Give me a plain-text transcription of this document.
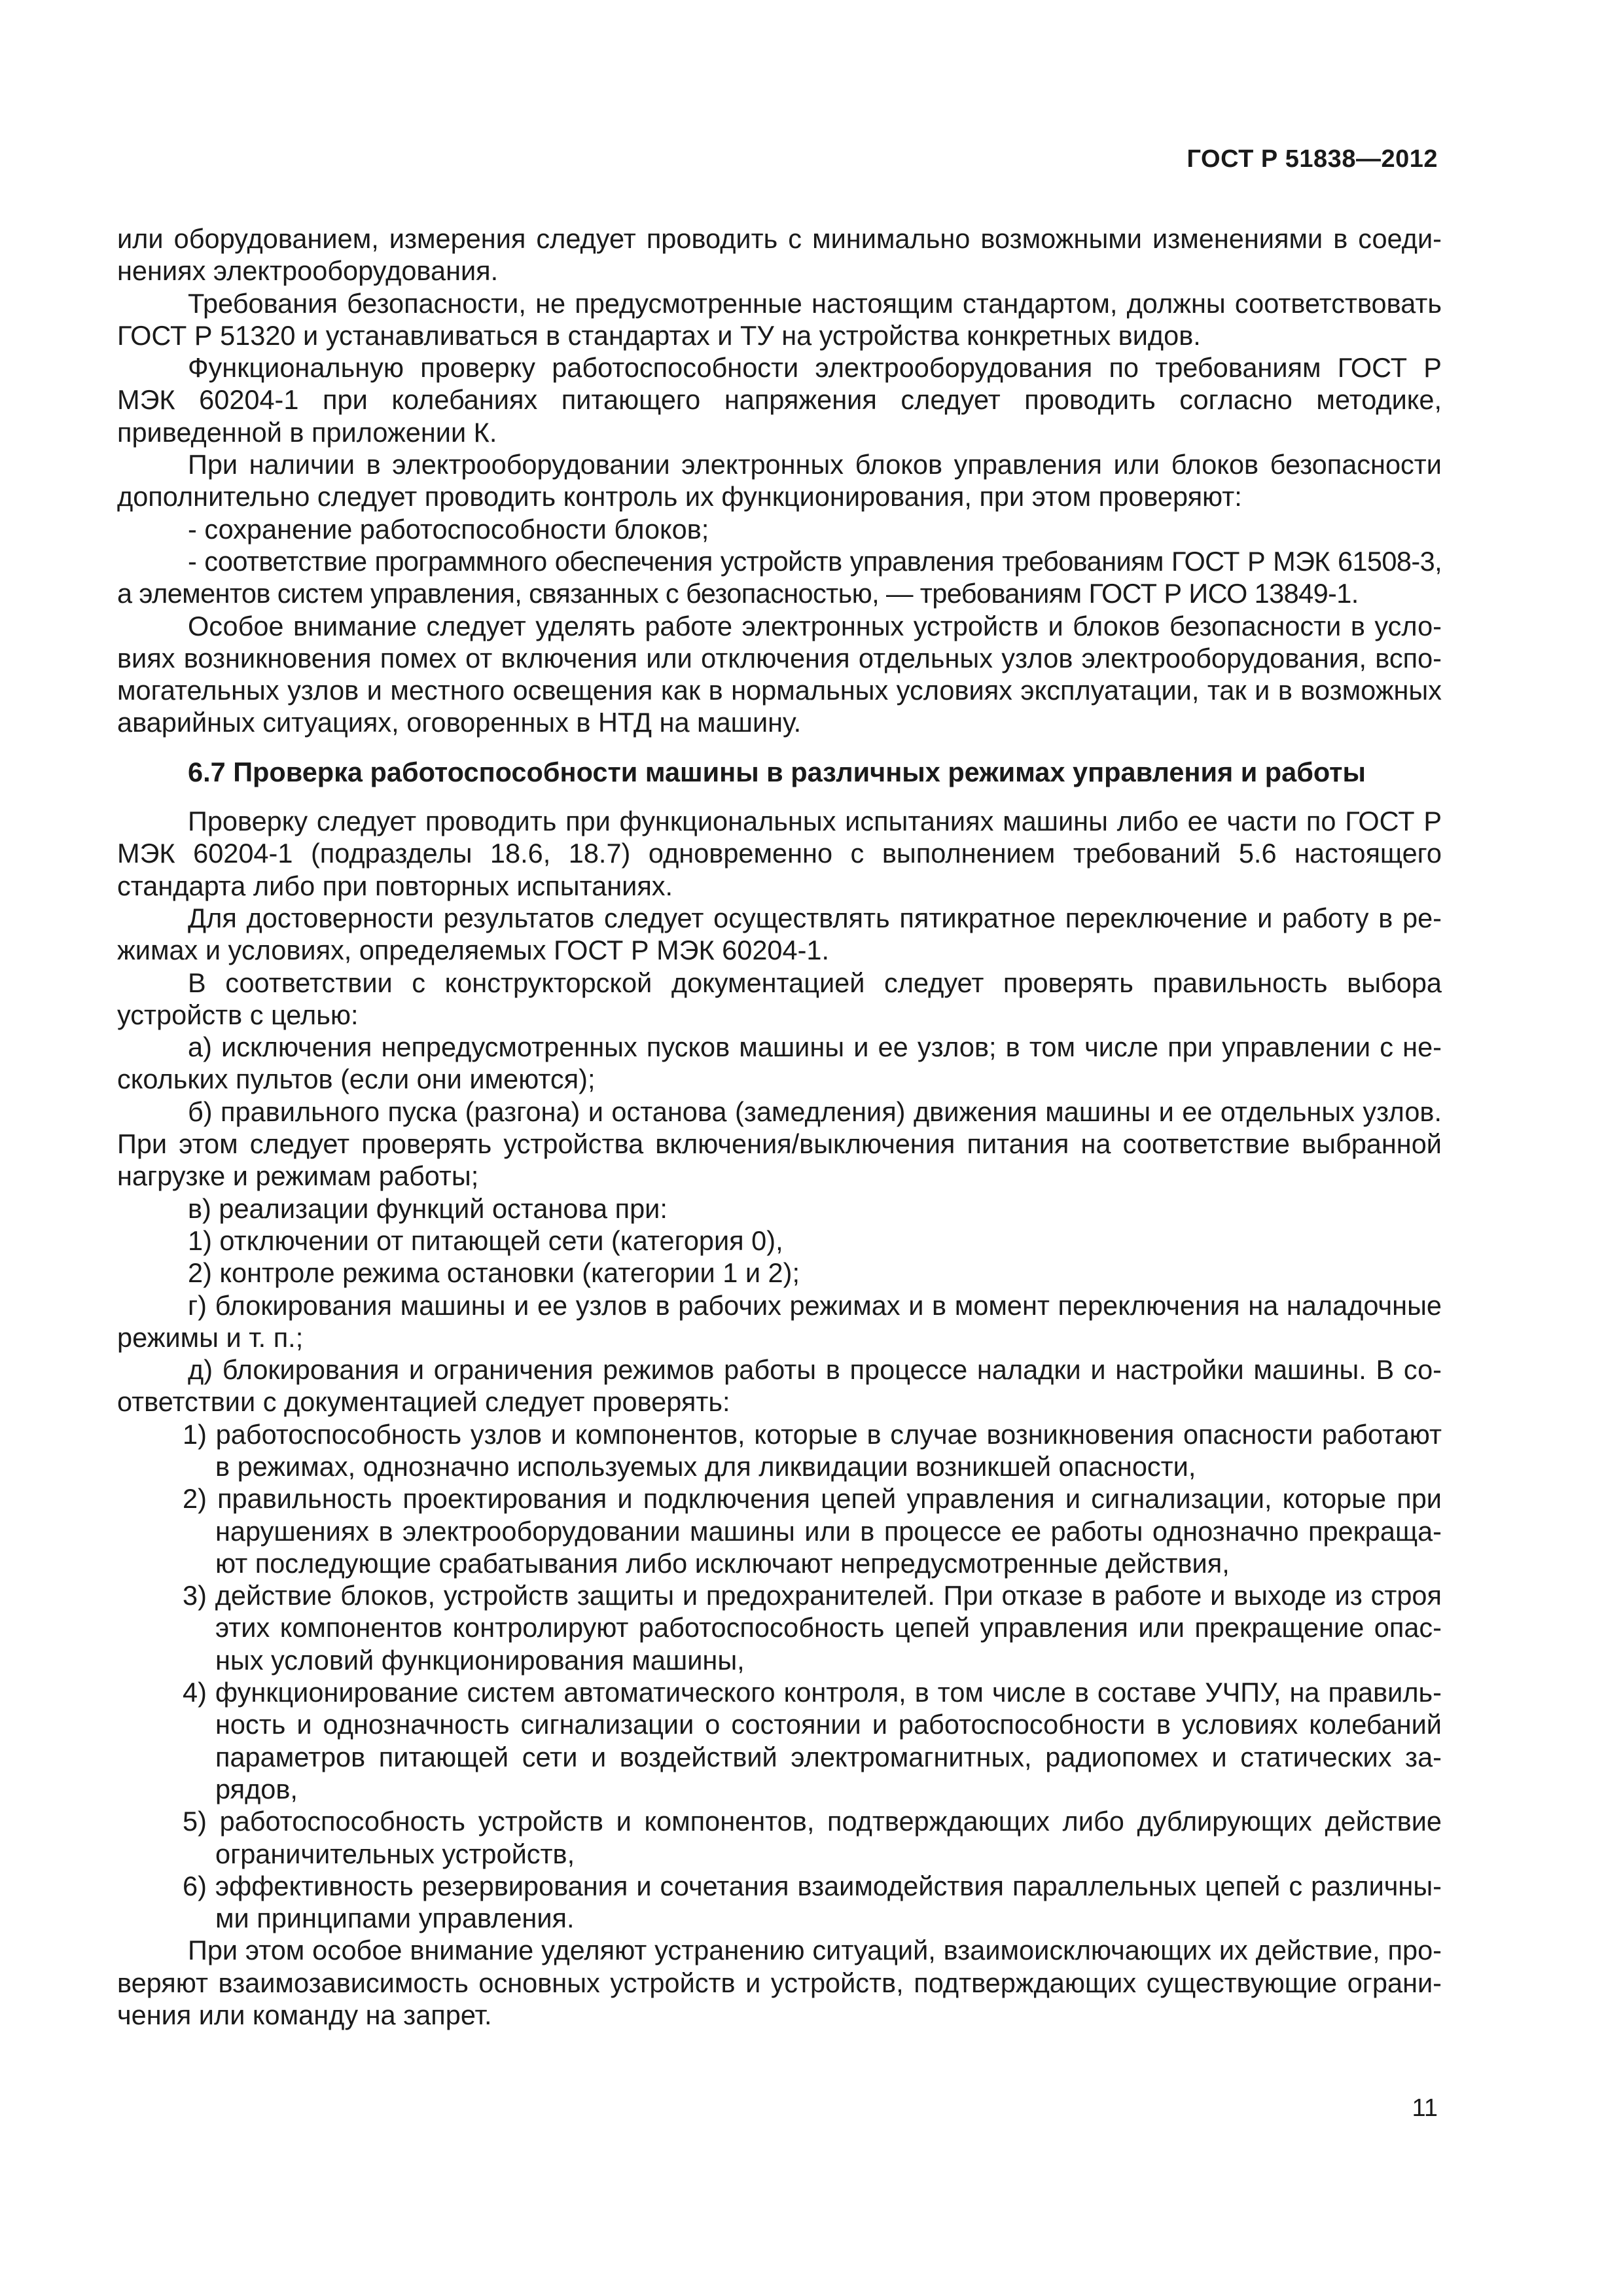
ГОСТ Р 51838—2012

или оборудованием, измерения следует проводить с минимально возможными изменениями в соеди-нениях электрооборудования.

Требования безопасности, не предусмотренные настоящим стандартом, должны соответствовать ГОСТ Р 51320 и устанавливаться в стандартах и ТУ на устройства конкретных видов.

Функциональную проверку работоспособности электрооборудования по требованиям ГОСТ Р МЭК 60204-1 при колебаниях питающего напряжения следует проводить согласно методике, приведенной в приложении К.

При наличии в электрооборудовании электронных блоков управления или блоков безопасности дополнительно следует проводить контроль их функционирования, при этом проверяют:

- сохранение работоспособности блоков;

- соответствие программного обеспечения устройств управления требованиям ГОСТ Р МЭК 61508-3, а элементов систем управления, связанных с безопасностью, — требованиям ГОСТ Р ИСО 13849-1.

Особое внимание следует уделять работе электронных устройств и блоков безопасности в усло-виях возникновения помех от включения или отключения отдельных узлов электрооборудования, вспо-могательных узлов и местного освещения как в нормальных условиях эксплуатации, так и в возможных аварийных ситуациях, оговоренных в НТД на машину.

6.7 Проверка работоспособности машины в различных режимах управления и работы

Проверку следует проводить при функциональных испытаниях машины либо ее части по ГОСТ Р МЭК 60204-1 (подразделы 18.6, 18.7) одновременно с выполнением требований 5.6 настоящего стандарта либо при повторных испытаниях.

Для достоверности результатов следует осуществлять пятикратное переключение и работу в ре-жимах и условиях, определяемых ГОСТ Р МЭК 60204-1.

В соответствии с конструкторской документацией следует проверять правильность выбора устройств с целью:

а) исключения непредусмотренных пусков машины и ее узлов; в том числе при управлении с не-скольких пультов (если они имеются);

б) правильного пуска (разгона) и останова (замедления) движения машины и ее отдельных узлов. При этом следует проверять устройства включения/выключения питания на соответствие выбранной нагрузке и режимам работы;

в) реализации функций останова при:

1) отключении от питающей сети (категория 0),

2) контроле режима остановки (категории 1 и 2);

г) блокирования машины и ее узлов в рабочих режимах и в момент переключения на наладочные режимы и т. п.;

д) блокирования и ограничения режимов работы в процессе наладки и настройки машины. В со-ответствии с документацией следует проверять:

1) работоспособность узлов и компонентов, которые в случае возникновения опасности работают в режимах, однозначно используемых для ликвидации возникшей опасности,

2) правильность проектирования и подключения цепей управления и сигнализации, которые при нарушениях в электрооборудовании машины или в процессе ее работы однозначно прекраща-ют последующие срабатывания либо исключают непредусмотренные действия,

3) действие блоков, устройств защиты и предохранителей. При отказе в работе и выходе из строя этих компонентов контролируют работоспособность цепей управления или прекращение опас-ных условий функционирования машины,

4) функционирование систем автоматического контроля, в том числе в составе УЧПУ, на правиль-ность и однозначность сигнализации о состоянии и работоспособности в условиях колебаний параметров питающей сети и воздействий электромагнитных, радиопомех и статических за-рядов,

5) работоспособность устройств и компонентов, подтверждающих либо дублирующих действие ограничительных устройств,

6) эффективность резервирования и сочетания взаимодействия параллельных цепей с различны-ми принципами управления.

При этом особое внимание уделяют устранению ситуаций, взаимоисключающих их действие, про-веряют взаимозависимость основных устройств и устройств, подтверждающих существующие ограни-чения или команду на запрет.

11
